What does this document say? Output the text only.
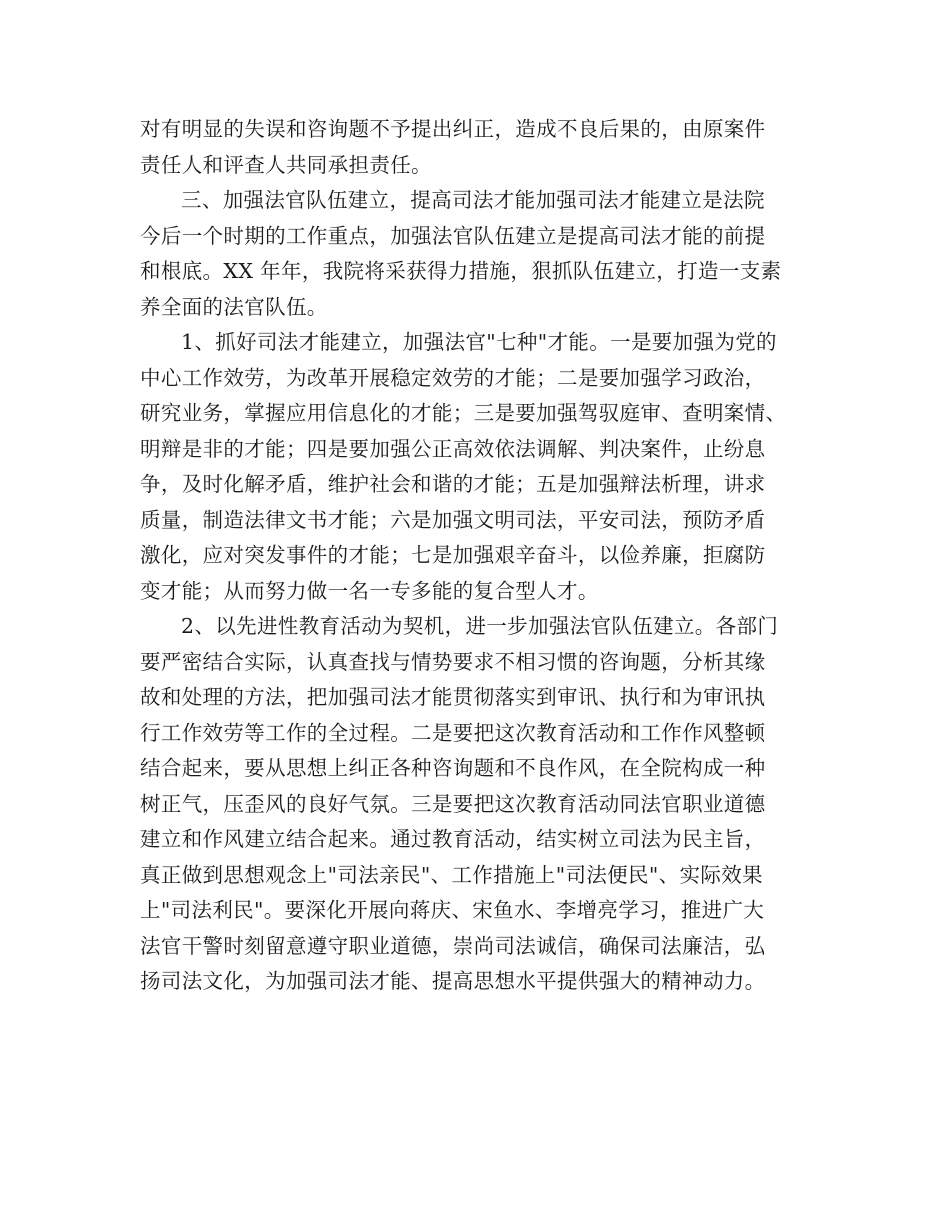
对有明显的失误和咨询题不予提出纠正，造成不良后果的，由原案件
责任人和评查人共同承担责任。

三、加强法官队伍建立，提高司法才能加强司法才能建立是法院
今后一个时期的工作重点，加强法官队伍建立是提高司法才能的前提
和根底。XX 年年，我院将采获得力措施，狠抓队伍建立，打造一支素
养全面的法官队伍。

1、抓好司法才能建立，加强法官"七种"才能。一是要加强为党的
中心工作效劳，为改革开展稳定效劳的才能；二是要加强学习政治，
研究业务，掌握应用信息化的才能；三是要加强驾驭庭审、查明案情、
明辩是非的才能；四是要加强公正高效依法调解、判决案件，止纷息
争，及时化解矛盾，维护社会和谐的才能；五是加强辩法析理，讲求
质量，制造法律文书才能；六是加强文明司法，平安司法，预防矛盾
激化，应对突发事件的才能；七是加强艰辛奋斗，以俭养廉，拒腐防
变才能；从而努力做一名一专多能的复合型人才。

2、以先进性教育活动为契机，进一步加强法官队伍建立。各部门
要严密结合实际，认真查找与情势要求不相习惯的咨询题，分析其缘
故和处理的方法，把加强司法才能贯彻落实到审讯、执行和为审讯执
行工作效劳等工作的全过程。二是要把这次教育活动和工作作风整顿
结合起来，要从思想上纠正各种咨询题和不良作风，在全院构成一种
树正气，压歪风的良好气氛。三是要把这次教育活动同法官职业道德
建立和作风建立结合起来。通过教育活动，结实树立司法为民主旨，
真正做到思想观念上"司法亲民"、工作措施上"司法便民"、实际效果
上"司法利民"。要深化开展向蒋庆、宋鱼水、李增亮学习，推进广大
法官干警时刻留意遵守职业道德，崇尚司法诚信，确保司法廉洁，弘
扬司法文化，为加强司法才能、提高思想水平提供强大的精神动力。
